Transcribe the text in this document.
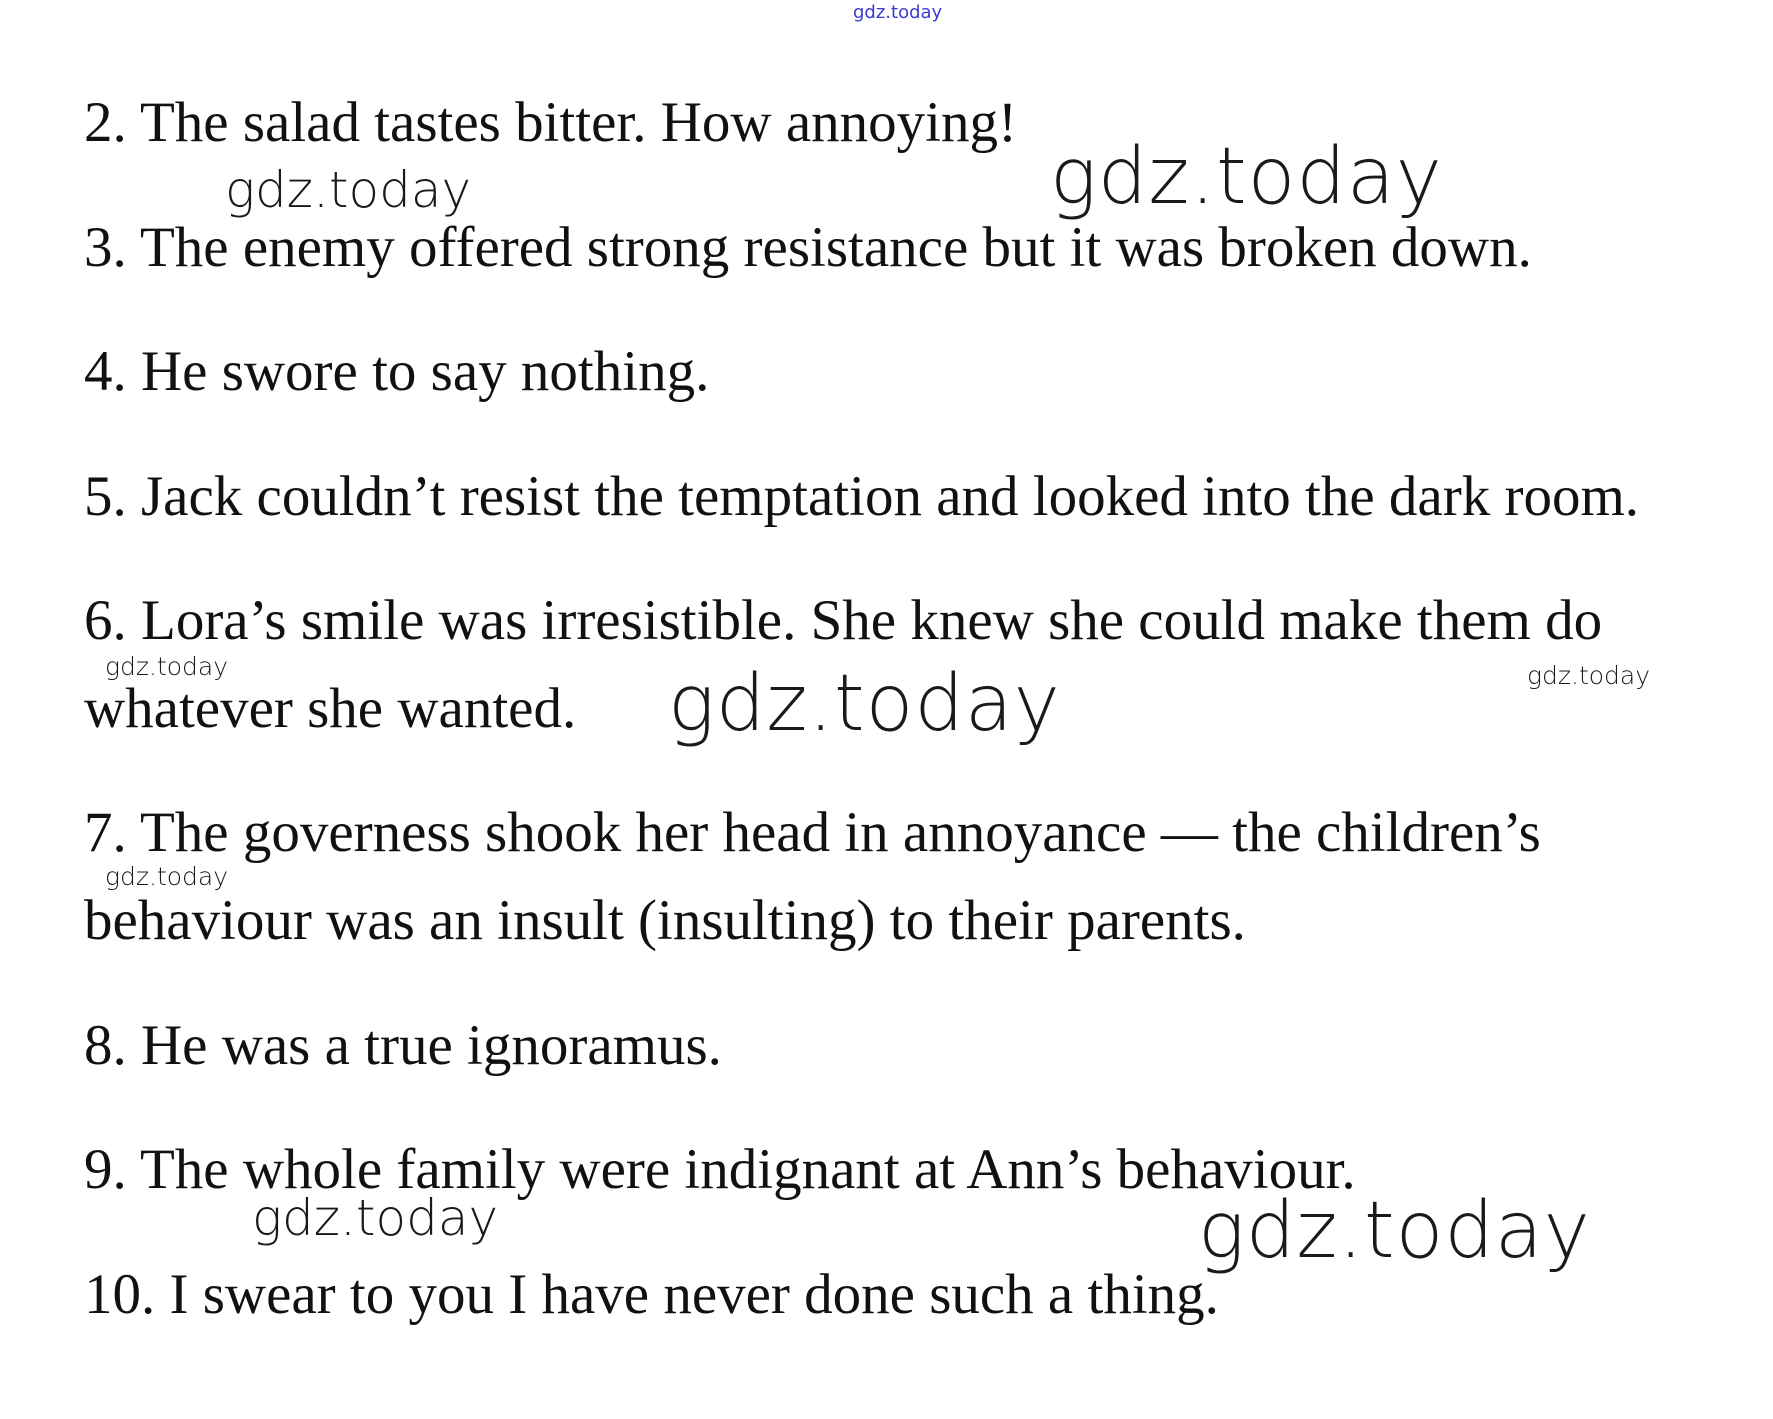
gdz.today
2. The salad tastes bitter. How annoying!
3. The enemy offered strong resistance but it was broken down.
4. He swore to say nothing.
5. Jack couldn’t resist the temptation and looked into the dark room.
6. Lora’s smile was irresistible. She knew she could make them do
whatever she wanted.
7. The governess shook her head in annoyance — the children’s
behaviour was an insult (insulting) to their parents.
8. He was a true ignoramus.
9. The whole family were indignant at Ann’s behaviour.
10. I swear to you I have never done such a thing.
gdz.today	gdz.today
gdz.today	gdz.today
gdz.today
gdz.today
gdz.today	gdz.today
